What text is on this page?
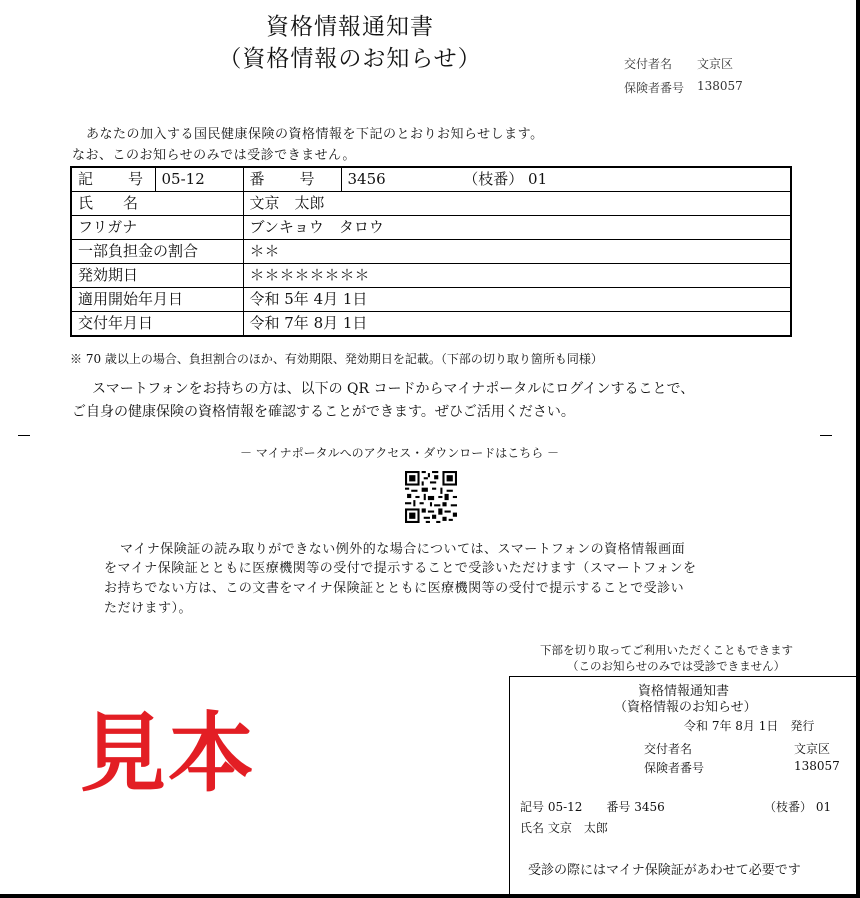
資格情報通知書
（資格情報のお知らせ）	交付者名 文京区
保険者番号 138057
あなたの加入する国民健康保険の資格情報を下記のとおりお知らせします。
なお、このお知らせのみでは受診できません。
記　号	05-12	番　号	3456 （枝番） 01
氏　　名		文京　太郎	
フリガナ		ブンキョウ　タロウ	
一部負担金の割合		＊＊	
発効期日		＊＊＊＊＊＊＊＊	
適用開始年月日		令和 5年 4月 1日	
交付年月日		令和 7年 8月 1日	
※ 70 歳以上の場合、負担割合のほか、有効期限、発効期日を記載。（下部の切り取り箇所も同様）
スマートフォンをお持ちの方は、以下の QR コードからマイナポータルにログインすることで、
ご自身の健康保険の資格情報を確認することができます。ぜひご活用ください。
－ マイナポータルへのアクセス・ダウンロードはこちら －
マイナ保険証の読み取りができない例外的な場合については、スマートフォンの資格情報画面
をマイナ保険証とともに医療機関等の受付で提示することで受診いただけます（スマートフォンを
お持ちでない方は、この文書をマイナ保険証とともに医療機関等の受付で提示することで受診い
ただけます）。
下部を切り取ってご利用いただくこともできます
（このお知らせのみでは受診できません）
見本
資格情報通知書
（資格情報のお知らせ）
令和 7年 8月 1日　発行
交付者名	文京区
保険者番号	138057
記号 05-12　　番号 3456	（枝番） 01
氏名 文京　太郎
受診の際にはマイナ保険証があわせて必要です
